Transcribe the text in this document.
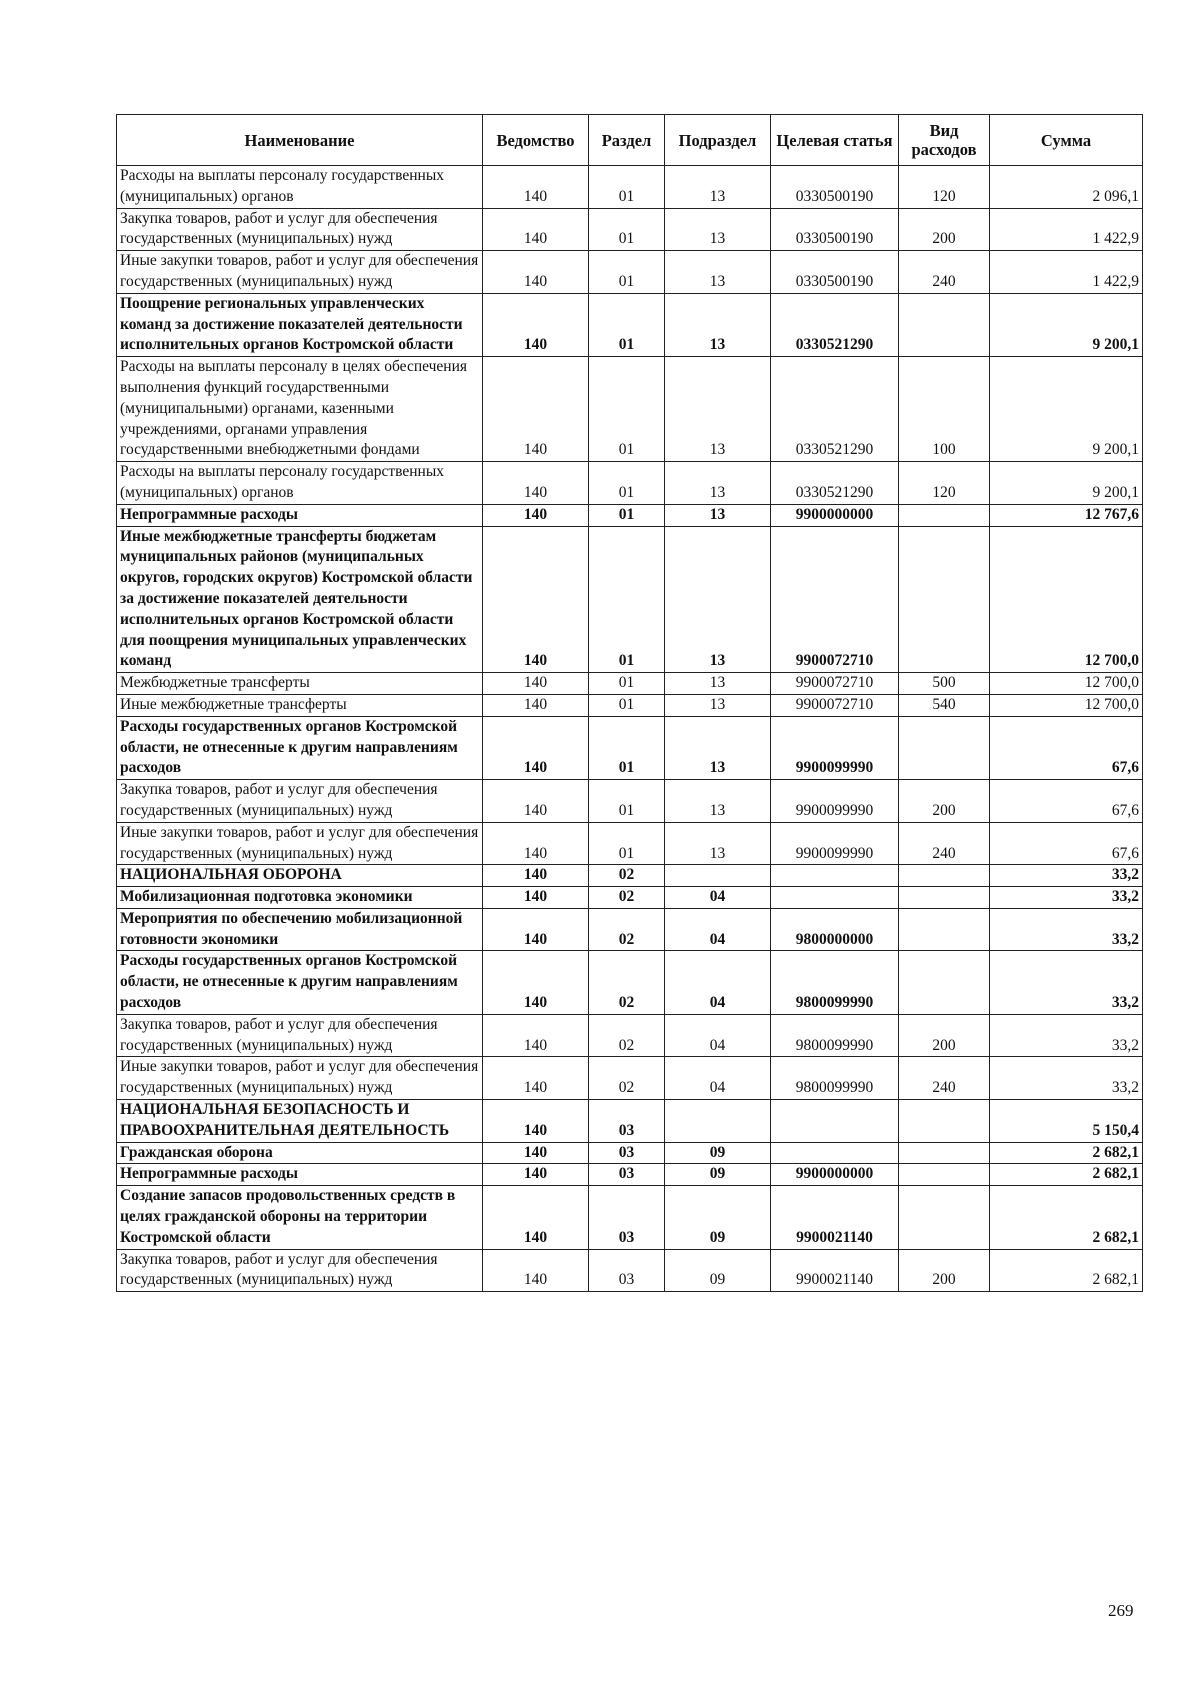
Наименование	Ведомство	Раздел	Подраздел	Целевая статья	Вид расходов	Сумма
Расходы на выплаты персоналу государственных (муниципальных) органов	140	01	13	0330500190	120	2 096,1
Закупка товаров, работ и услуг для обеспечения государственных (муниципальных) нужд	140	01	13	0330500190	200	1 422,9
Иные закупки товаров, работ и услуг для обеспечения государственных (муниципальных) нужд	140	01	13	0330500190	240	1 422,9
Поощрение региональных управленческих команд за достижение показателей деятельности исполнительных органов Костромской области	140	01	13	0330521290		9 200,1
Расходы на выплаты персоналу в целях обеспечения выполнения функций государственными (муниципальными) органами, казенными учреждениями, органами управления государственными внебюджетными фондами	140	01	13	0330521290	100	9 200,1
Расходы на выплаты персоналу государственных (муниципальных) органов	140	01	13	0330521290	120	9 200,1
Непрограммные расходы	140	01	13	9900000000		12 767,6
Иные межбюджетные трансферты бюджетам муниципальных районов (муниципальных округов, городских округов) Костромской области за достижение показателей деятельности исполнительных органов Костромской области для поощрения муниципальных управленческих команд	140	01	13	9900072710		12 700,0
Межбюджетные трансферты	140	01	13	9900072710	500	12 700,0
Иные межбюджетные трансферты	140	01	13	9900072710	540	12 700,0
Расходы государственных органов Костромской области, не отнесенные к другим направлениям расходов	140	01	13	9900099990		67,6
Закупка товаров, работ и услуг для обеспечения государственных (муниципальных) нужд	140	01	13	9900099990	200	67,6
Иные закупки товаров, работ и услуг для обеспечения государственных (муниципальных) нужд	140	01	13	9900099990	240	67,6
НАЦИОНАЛЬНАЯ ОБОРОНА	140	02				33,2
Мобилизационная подготовка экономики	140	02	04			33,2
Мероприятия по обеспечению мобилизационной готовности экономики	140	02	04	9800000000		33,2
Расходы государственных органов Костромской области, не отнесенные к другим направлениям расходов	140	02	04	9800099990		33,2
Закупка товаров, работ и услуг для обеспечения государственных (муниципальных) нужд	140	02	04	9800099990	200	33,2
Иные закупки товаров, работ и услуг для обеспечения государственных (муниципальных) нужд	140	02	04	9800099990	240	33,2
НАЦИОНАЛЬНАЯ БЕЗОПАСНОСТЬ И ПРАВООХРАНИТЕЛЬНАЯ ДЕЯТЕЛЬНОСТЬ	140	03				5 150,4
Гражданская оборона	140	03	09			2 682,1
Непрограммные расходы	140	03	09	9900000000		2 682,1
Создание запасов продовольственных средств в целях гражданской обороны на территории Костромской области	140	03	09	9900021140		2 682,1
Закупка товаров, работ и услуг для обеспечения государственных (муниципальных) нужд	140	03	09	9900021140	200	2 682,1
269
